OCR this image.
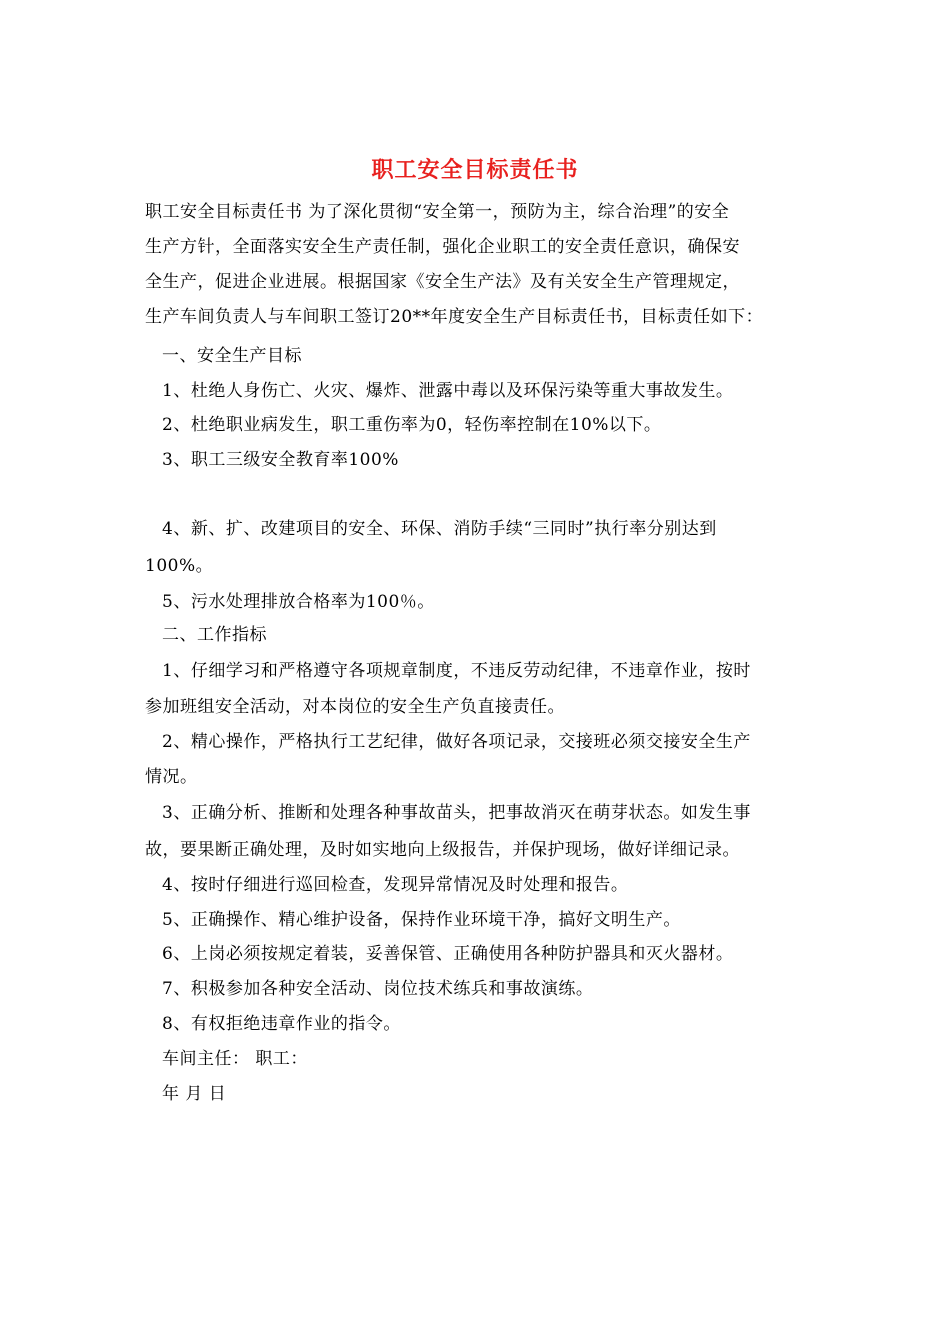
职工安全目标责任书
职工安全目标责任书 为了深化贯彻“安全第一，预防为主，综合治理”的安全
生产方针，全面落实安全生产责任制，强化企业职工的安全责任意识，确保安
全生产，促进企业进展。根据国家《安全生产法》及有关安全生产管理规定，
生产车间负责人与车间职工签订20**年度安全生产目标责任书，目标责任如下：
一、安全生产目标
1、杜绝人身伤亡、火灾、爆炸、泄露中毒以及环保污染等重大事故发生。
2、杜绝职业病发生，职工重伤率为0，轻伤率控制在10%以下。
3、职工三级安全教育率100%
4、新、扩、改建项目的安全、环保、消防手续“三同时”执行率分别达到
100%。
5、污水处理排放合格率为100％。
二、工作指标
1、仔细学习和严格遵守各项规章制度，不违反劳动纪律，不违章作业，按时
参加班组安全活动，对本岗位的安全生产负直接责任。
2、精心操作，严格执行工艺纪律，做好各项记录，交接班必须交接安全生产
情况。
3、正确分析、推断和处理各种事故苗头，把事故消灭在萌芽状态。如发生事
故，要果断正确处理，及时如实地向上级报告，并保护现场，做好详细记录。
4、按时仔细进行巡回检查，发现异常情况及时处理和报告。
5、正确操作、精心维护设备，保持作业环境干净，搞好文明生产。
6、上岗必须按规定着装，妥善保管、正确使用各种防护器具和灭火器材。
7、积极参加各种安全活动、岗位技术练兵和事故演练。
8、有权拒绝违章作业的指令。
车间主任： 职工：
年 月 日
